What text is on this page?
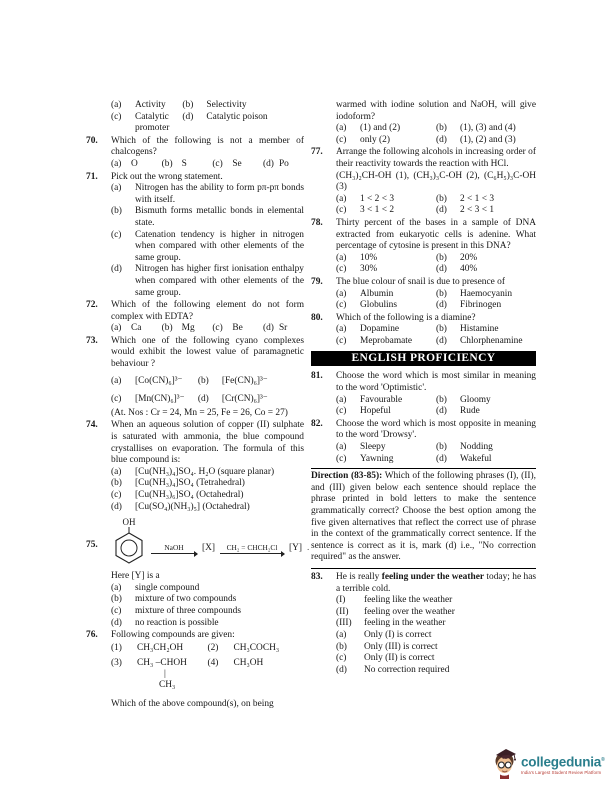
(a)	Activity	(b)	Selectivity
(c)	Catalytic promoter
(d)	Catalytic poison
70.	Which of the following is not a member of chalcogens?
(a)	O	(b) S	(c)	Se	(d) Po
71.	Pick out the wrong statement.
(a)	Nitrogen has the ability to form pπ-pπ bonds with itself.
(b)	Bismuth forms metallic bonds in elemental state.
(c)	Catenation tendency is higher in nitrogen when compared with other elements of the same group.
(d)	Nitrogen has higher first ionisation enthalpy when compared with other elements of the same group.
72.	Which of the following element do not form complex with EDTA?
(a)	Ca	(b) Mg	(c)	Be	(d) Sr
73.	Which one of the following cyano complexes would exhibit the lowest value of paramagnetic behaviour ?
(a)	[Co(CN)₆]³⁻	(b)	[Fe(CN)₆]³⁻
(c)	[Mn(CN)₆]³⁻	(d)	[Cr(CN)₆]³⁻
(At. Nos : Cr = 24, Mn = 25, Fe = 26, Co = 27)
74.	When an aqueous solution of copper (II) sulphate is saturated with ammonia, the blue compound crystallises on evaporation. The formula of this blue compound is:
(a)	[Cu(NH₃)₄]SO₄. H₂O (square planar)
(b)	[Cu(NH₃)₄]SO₄ (Tetrahedral)
(c)	[Cu(NH₃)₆]SO₄ (Octahedral)
(d)	[Cu(SO₄)(NH₃)₅] (Octahedral)
75.
OH
NaOH [X] CH₂ = CHCH₂Cl [Y] .
Here [Y] is a
(a)	single compound
(b)	mixture of two compounds
(c)	mixture of three compounds
(d)	no reaction is possible
76.	Following compounds are given:
(1)	CH₃CH₂OH	(2)	CH₃COCH₃
(3)	CH₃ –CHOH
|
CH₃
(4)	CH₃OH
Which of the above compound(s), on being
warmed with iodine solution and NaOH, will give iodoform?
(a)	(1) and (2)	(b)	(1), (3) and (4)
(c)	only (2)	(d)	(1), (2) and (3)
77.	Arrange the following alcohols in increasing order of their reactivity towards the reaction with HCl.
(CH₃)₂CH-OH (1), (CH₃)₃C-OH (2), (C₆H₅)₃C-OH (3)
(a)	1 < 2 < 3	(b)	2 < 1 < 3
(c)	3 < 1 < 2	(d)	2 < 3 < 1
78.	Thirty percent of the bases in a sample of DNA extracted from eukaryotic cells is adenine. What percentage of cytosine is present in this DNA?
(a)	10%	(b)	20%
(c)	30%	(d)	40%
79.	The blue colour of snail is due to presence of
(a)	Albumin	(b)	Haemocyanin
(c)	Globulins	(d)	Fibrinogen
80.	Which of the following is a diamine?
(a)	Dopamine	(b)	Histamine
(c)	Meprobamate	(d)	Chlorphenamine
ENGLISH PROFICIENCY
81.	Choose the word which is most similar in meaning to the word 'Optimistic'.
(a)	Favourable	(b)	Gloomy
(c)	Hopeful	(d)	Rude
82.	Choose the word which is most opposite in meaning to the word 'Drowsy'.
(a)	Sleepy	(b)	Nodding
(c)	Yawning	(d)	Wakeful
Direction (83-85): Which of the following phrases (I), (II), and (III) given below each sentence should replace the phrase printed in bold letters to make the sentence grammatically correct? Choose the best option among the five given alternatives that reflect the correct use of phrase in the context of the grammatically correct sentence. If the sentence is correct as it is, mark (d) i.e., "No correction required" as the answer.
83.	He is really feeling under the weather today; he has a terrible cold.
(I)	feeling like the weather
(II)	feeling over the weather
(III)	feeling in the weather
(a)	Only (I) is correct
(b)	Only (III) is correct
(c)	Only (II) is correct
(d)	No correction required
collegedunia®
India's Largest Student Review Platform
